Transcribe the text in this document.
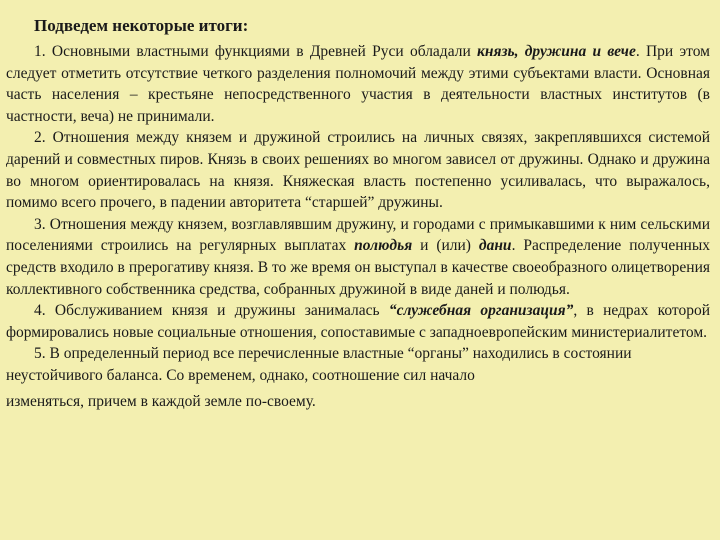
Подведем некоторые итоги:

1. Основными властными функциями в Древней Руси обладали князь, дружина и вече. При этом следует отметить отсутствие четкого разделения полномочий между этими субъектами власти. Основная часть населения – крестьяне непосредственного участия в деятельности властных институтов (в частности, веча) не принимали.

2. Отношения между князем и дружиной строились на личных связях, закреплявшихся системой дарений и совместных пиров. Князь в своих решениях во многом зависел от дружины. Однако и дружина во многом ориентировалась на князя. Княжеская власть постепенно усиливалась, что выражалось, помимо всего прочего, в падении авторитета “старшей” дружины.

3. Отношения между князем, возглавлявшим дружину, и городами с примыкавшими к ним сельскими поселениями строились на регулярных выплатах полюдья и (или) дани. Распределение полученных средств входило в прерогативу князя. В то же время он выступал в качестве своеобразного олицетворения коллективного собственника средства, собранных дружиной в виде даней и полюдья.

4. Обслуживанием князя и дружины занималась “служебная организация”, в недрах которой формировались новые социальные отношения, сопоставимые с западноевропейским министериалитетом.

5. В определенный период все перечисленные властные “органы” находились в состоянии неустойчивого баланса. Со временем, однако, соотношение сил начало
изменяться, причем в каждой земле по-своему.
